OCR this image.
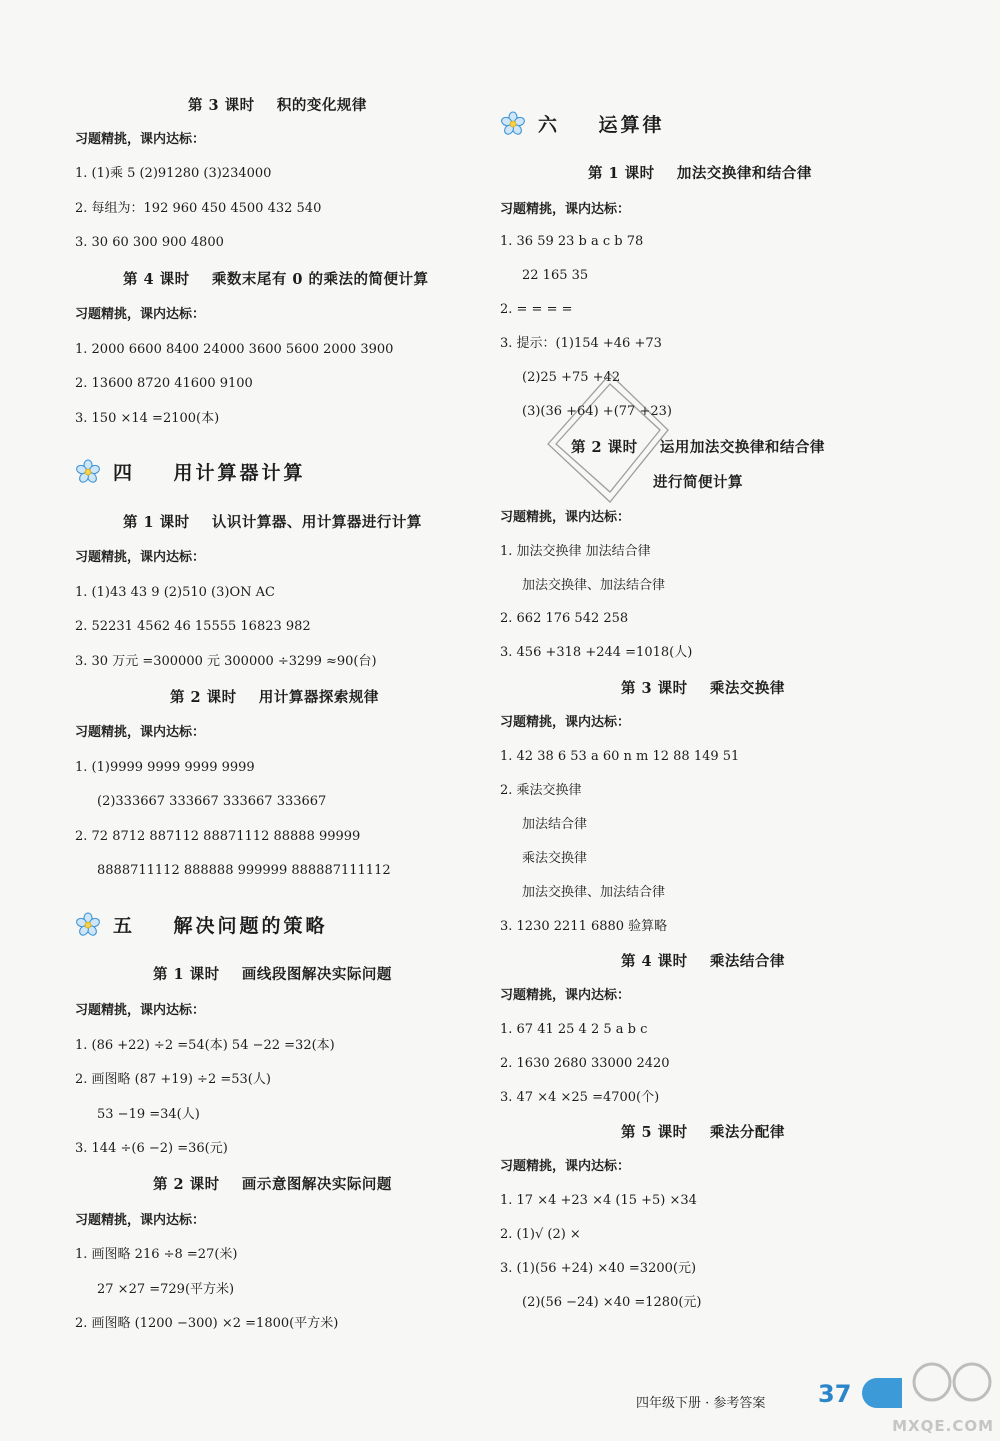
第 3 课时    积的变化规律
习题精挑，课内达标：
1. (1)乘 5 (2)91280 (3)234000
2. 每组为：192 960 450 4500 432 540
3. 30 60 300 900 4800
第 4 课时    乘数末尾有 0 的乘法的简便计算
习题精挑，课内达标：
1. 2000 6600 8400 24000 3600 5600 2000 3900
2. 13600 8720 41600 9100
3. 150 ×14 =2100(本)
四    用计算器计算
第 1 课时    认识计算器、用计算器进行计算
习题精挑，课内达标：
1. (1)43 43 9 (2)510 (3)ON AC
2. 52231 4562 46 15555 16823 982
3. 30 万元 =300000 元 300000 ÷3299 ≈90(台)
第 2 课时    用计算器探索规律
习题精挑，课内达标：
1. (1)9999 9999 9999 9999
(2)333667 333667 333667 333667
2. 72 8712 887112 88871112 88888 99999
8888711112 888888 999999 888887111112
五    解决问题的策略
第 1 课时    画线段图解决实际问题
习题精挑，课内达标：
1. (86 +22) ÷2 =54(本) 54 −22 =32(本)
2. 画图略 (87 +19) ÷2 =53(人)
53 −19 =34(人)
3. 144 ÷(6 −2) =36(元)
第 2 课时    画示意图解决实际问题
习题精挑，课内达标：
1. 画图略 216 ÷8 =27(米)
27 ×27 =729(平方米)
2. 画图略 (1200 −300) ×2 =1800(平方米)
六    运算律
第 1 课时    加法交换律和结合律
习题精挑，课内达标：
1. 36 59 23 b a c b 78
22 165 35
2. = = = =
3. 提示：(1)154 +46 +73
(2)25 +75 +42
(3)(36 +64) +(77 +23)
第 2 课时    运用加法交换律和结合律
进行简便计算
习题精挑，课内达标：
1. 加法交换律 加法结合律
加法交换律、加法结合律
2. 662 176 542 258
3. 456 +318 +244 =1018(人)
第 3 课时    乘法交换律
习题精挑，课内达标：
1. 42 38 6 53 a 60 n m 12 88 149 51
2. 乘法交换律
加法结合律
乘法交换律
加法交换律、加法结合律
3. 1230 2211 6880 验算略
第 4 课时    乘法结合律
习题精挑，课内达标：
1. 67 41 25 4 2 5 a b c
2. 1630 2680 33000 2420
3. 47 ×4 ×25 =4700(个)
第 5 课时    乘法分配律
习题精挑，课内达标：
1. 17 ×4 +23 ×4 (15 +5) ×34
2. (1)√ (2) ×
3. (1)(56 +24) ×40 =3200(元)
(2)(56 −24) ×40 =1280(元)
四年级下册 · 参考答案 37
MXQE.COM
